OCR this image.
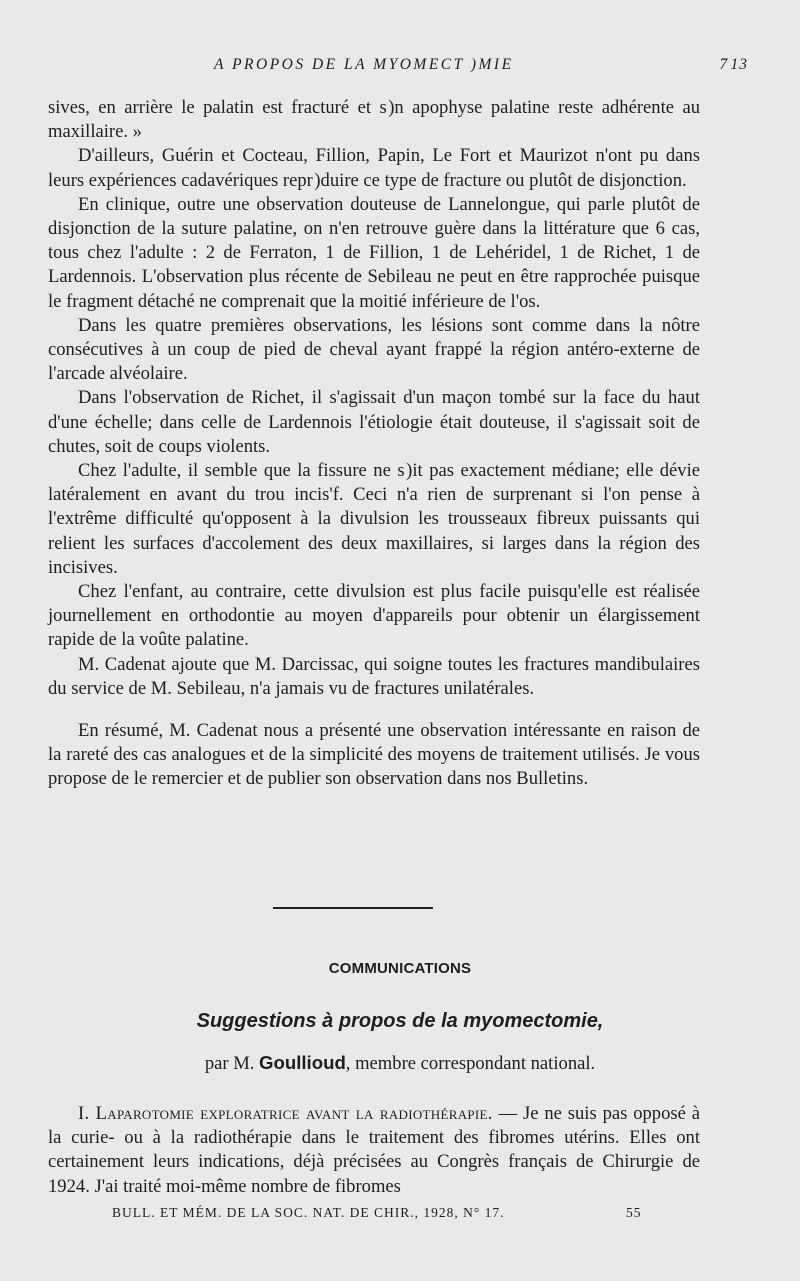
A PROPOS DE LA MYOMECT )MIE	7 13

sives, en arrière le palatin est fracturé et s )n apophyse palatine reste adhérente au maxillaire. »

D'ailleurs, Guérin et Cocteau, Fillion, Papin, Le Fort et Maurizot n'ont pu dans leurs expériences cadavériques repr )duire ce type de fracture ou plutôt de disjonction.

En clinique, outre une observation douteuse de Lannelongue, qui parle plutôt de disjonction de la suture palatine, on n'en retrouve guère dans la littérature que 6 cas, tous chez l'adulte : 2 de Ferraton, 1 de Fillion, 1 de Lehéridel, 1 de Richet, 1 de Lardennois. L'observation plus récente de Sebileau ne peut en être rapprochée puisque le fragment détaché ne comprenait que la moitié inférieure de l'os.

Dans les quatre premières observations, les lésions sont comme dans la nôtre consécutives à un coup de pied de cheval ayant frappé la région antéro-externe de l'arcade alvéolaire.

Dans l'observation de Richet, il s'agissait d'un maçon tombé sur la face du haut d'une échelle; dans celle de Lardennois l'étiologie était douteuse, il s'agissait soit de chutes, soit de coups violents.

Chez l'adulte, il semble que la fissure ne s )it pas exactement médiane; elle dévie latéralement en avant du trou incis'f. Ceci n'a rien de surprenant si l'on pense à l'extrême difficulté qu'opposent à la divulsion les trousseaux fibreux puissants qui relient les surfaces d'accolement des deux maxillaires, si larges dans la région des incisives.

Chez l'enfant, au contraire, cette divulsion est plus facile puisqu'elle est réalisée journellement en orthodontie au moyen d'appareils pour obtenir un élargissement rapide de la voûte palatine.

M. Cadenat ajoute que M. Darcissac, qui soigne toutes les fractures mandibulaires du service de M. Sebileau, n'a jamais vu de fractures unilatérales.

En résumé, M. Cadenat nous a présenté une observation intéressante en raison de la rareté des cas analogues et de la simplicité des moyens de traitement utilisés. Je vous propose de le remercier et de publier son observation dans nos Bulletins.

COMMUNICATIONS
Suggestions à propos de la myomectomie,
par M. Goullioud, membre correspondant national.

I. Laparotomie exploratrice avant la radiothérapie. — Je ne suis pas opposé à la curie- ou à la radiothérapie dans le traitement des fibromes utérins. Elles ont certainement leurs indications, déjà précisées au Congrès français de Chirurgie de 1924. J'ai traité moi-même nombre de fibromes

BULL. ET MÉM. DE LA SOC. NAT. DE CHIR., 1928, N° 17.	55
